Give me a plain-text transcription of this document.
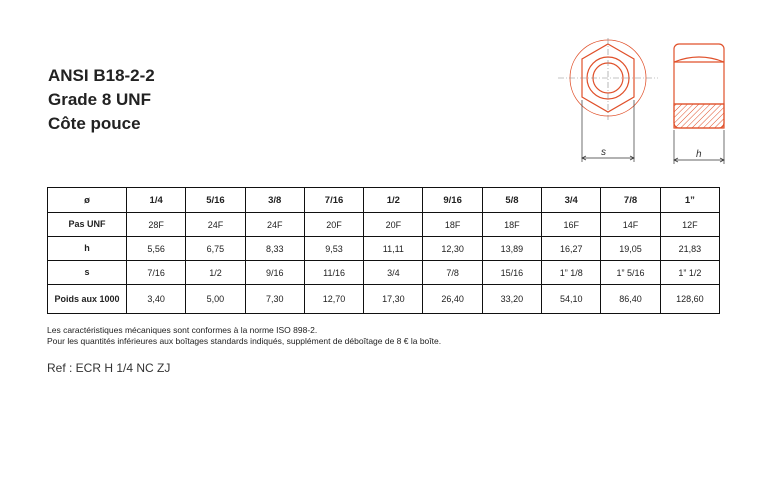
ANSI B18-2-2
Grade 8 UNF
Côte pouce
s	h
ø	1/4	5/16	3/8	7/16	1/2	9/16	5/8	3/4	7/8	1”
Pas UNF	28F	24F	24F	20F	20F	18F	18F	16F	14F	12F
h	5,56	6,75	8,33	9,53	11,11	12,30	13,89	16,27	19,05	21,83
s	7/16	1/2	9/16	11/16	3/4	7/8	15/16	1” 1/8	1” 5/16	1” 1/2
Poids aux 1000	3,40	5,00	7,30	12,70	17,30	26,40	33,20	54,10	86,40	128,60
Les caractéristiques mécaniques sont conformes à la norme ISO 898-2.
Pour les quantités inférieures aux boîtages standards indiqués, supplément de déboîtage de 8 € la boîte.
Ref : ECR H 1/4 NC ZJ
